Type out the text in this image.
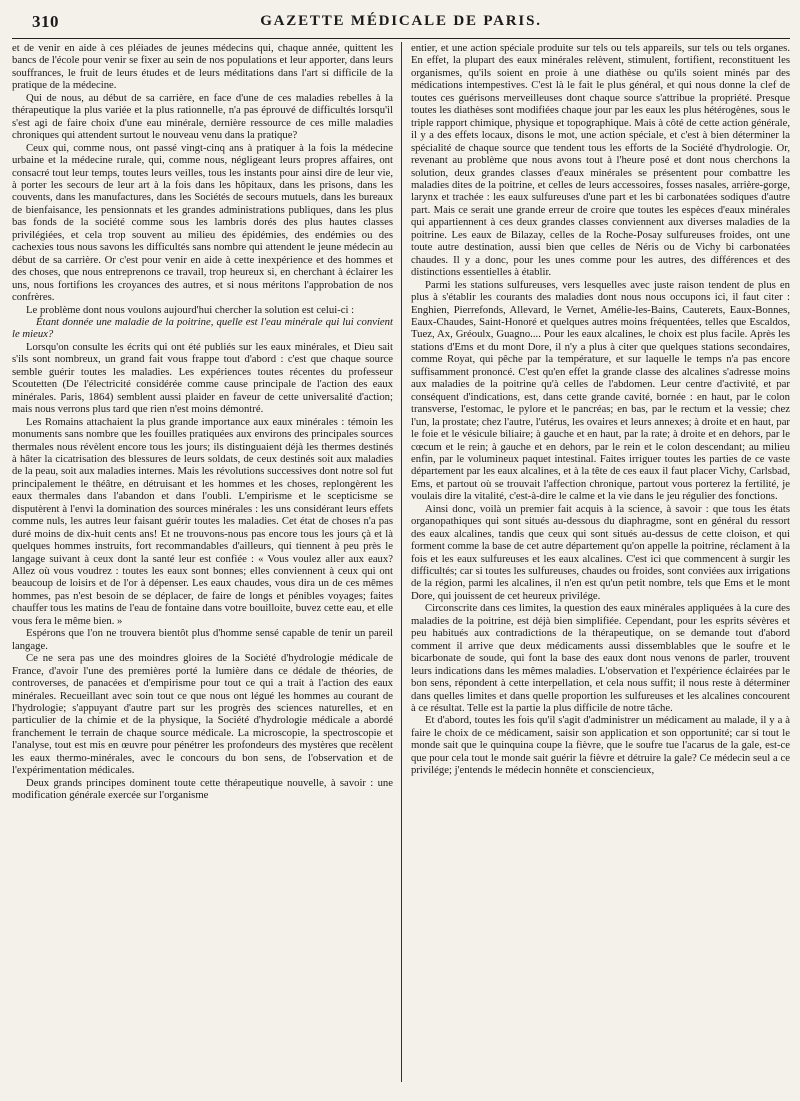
310	GAZETTE MÉDICALE DE PARIS.

et de venir en aide à ces pléiades de jeunes médecins qui, chaque année, quittent les bancs de l'école pour venir se fixer au sein de nos populations et leur apporter, dans leurs souffrances, le fruit de leurs études et de leurs méditations dans l'art si difficile de la pratique de la médecine.

Qui de nous, au début de sa carrière, en face d'une de ces maladies rebelles à la thérapeutique la plus variée et la plus rationnelle, n'a pas éprouvé de difficultés lorsqu'il s'est agi de faire choix d'une eau minérale, dernière ressource de ces mille maladies chroniques qui attendent surtout le nouveau venu dans la pratique?

Ceux qui, comme nous, ont passé vingt-cinq ans à pratiquer à la fois la médecine urbaine et la médecine rurale, qui, comme nous, négligeant leurs propres affaires, ont consacré tout leur temps, toutes leurs veilles, tous les instants pour ainsi dire de leur vie, à porter les secours de leur art à la fois dans les hôpitaux, dans les prisons, dans les couvents, dans les manufactures, dans les Sociétés de secours mutuels, dans les bureaux de bienfaisance, les pensionnats et les grandes administrations publiques, dans les plus bas fonds de la société comme sous les lambris dorés des plus hautes classes privilégiées, et cela trop souvent au milieu des épidémies, des endémies ou des cachexies tous nous savons les difficultés sans nombre qui attendent le jeune médecin au début de sa carrière. Or c'est pour venir en aide à cette inexpérience et des hommes et des choses, que nous entreprenons ce travail, trop heureux si, en cherchant à éclairer les uns, nous fortifions les croyances des autres, et si nous méritons l'approbation de nos confrères.

Le problème dont nous voulons aujourd'hui chercher la solution est celui-ci :

Étant donnée une maladie de la poitrine, quelle est l'eau minérale qui lui convient le mieux?

Lorsqu'on consulte les écrits qui ont été publiés sur les eaux minérales, et Dieu sait s'ils sont nombreux, un grand fait vous frappe tout d'abord : c'est que chaque source semble guérir toutes les maladies. Les expériences toutes récentes du professeur Scoutetten (De l'électricité considérée comme cause principale de l'action des eaux minérales. Paris, 1864) semblent aussi plaider en faveur de cette universalité d'action; mais nous verrons plus tard que rien n'est moins démontré.

Les Romains attachaient la plus grande importance aux eaux minérales : témoin les monuments sans nombre que les fouilles pratiquées aux environs des principales sources thermales nous révèlent encore tous les jours; ils distinguaient déjà les thermes destinés à hâter la cicatrisation des blessures de leurs soldats, de ceux destinés soit aux maladies de la peau, soit aux maladies internes. Mais les révolutions successives dont notre sol fut principalement le théâtre, en détruisant et les hommes et les choses, replongèrent les eaux thermales dans l'abandon et dans l'oubli. L'empirisme et le scepticisme se disputèrent à l'envi la domination des sources minérales : les uns considérant leurs effets comme nuls, les autres leur faisant guérir toutes les maladies. Cet état de choses n'a pas duré moins de dix-huit cents ans! Et ne trouvons-nous pas encore tous les jours çà et là quelques hommes instruits, fort recommandables d'ailleurs, qui tiennent à peu près le langage suivant à ceux dont la santé leur est confiée : « Vous voulez aller aux eaux? Allez où vous voudrez : toutes les eaux sont bonnes; elles conviennent à ceux qui ont beaucoup de loisirs et de l'or à dépenser. Les eaux chaudes, vous dira un de ces mêmes hommes, pas n'est besoin de se déplacer, de faire de longs et pénibles voyages; faites chauffer tous les matins de l'eau de fontaine dans votre bouilloite, buvez cette eau, et elle vous fera le même bien. »

Espérons que l'on ne trouvera bientôt plus d'homme sensé capable de tenir un pareil langage.

Ce ne sera pas une des moindres gloires de la Société d'hydrologie médicale de France, d'avoir l'une des premières porté la lumière dans ce dédale de théories, de controverses, de panacées et d'empirisme pour tout ce qui a trait à l'action des eaux minérales. Recueillant avec soin tout ce que nous ont légué les hommes au courant de l'hydrologie; s'appuyant d'autre part sur les progrès des sciences naturelles, et en particulier de la chimie et de la physique, la Société d'hydrologie médicale a abordé franchement le terrain de chaque source médicale. La microscopie, la spectroscopie et l'analyse, tout est mis en œuvre pour pénétrer les profondeurs des mystères que recèlent les eaux thermo-minérales, avec le concours du bon sens, de l'observation et de l'expérimentation médicales.

Deux grands principes dominent toute cette thérapeutique nouvelle, à savoir : une modification générale exercée sur l'organisme

entier, et une action spéciale produite sur tels ou tels appareils, sur tels ou tels organes. En effet, la plupart des eaux minérales relèvent, stimulent, fortifient, reconstituent les organismes, qu'ils soient en proie à une diathèse ou qu'ils soient minés par des médications intempestives. C'est là le fait le plus général, et qui nous donne la clef de toutes ces guérisons merveilleuses dont chaque source s'attribue la propriété. Presque toutes les diathèses sont modifiées chaque jour par les eaux les plus hétérogènes, sous le triple rapport chimique, physique et topographique. Mais à côté de cette action générale, il y a des effets locaux, disons le mot, une action spéciale, et c'est à bien déterminer la spécialité de chaque source que tendent tous les efforts de la Société d'hydrologie. Or, revenant au problème que nous avons tout à l'heure posé et dont nous cherchons la solution, deux grandes classes d'eaux minérales se présentent pour combattre les maladies dites de la poitrine, et celles de leurs accessoires, fosses nasales, arrière-gorge, larynx et trachée : les eaux sulfureuses d'une part et les bi carbonatées sodiques d'autre part. Mais ce serait une grande erreur de croire que toutes les espèces d'eaux minérales qui appartiennent à ces deux grandes classes conviennent aux diverses maladies de la poitrine. Les eaux de Bilazay, celles de la Roche-Posay sulfureuses froides, ont une toute autre destination, aussi bien que celles de Néris ou de Vichy bi carbonatées chaudes. Il y a donc, pour les unes comme pour les autres, des différences et des distinctions essentielles à établir.

Parmi les stations sulfureuses, vers lesquelles avec juste raison tendent de plus en plus à s'établir les courants des maladies dont nous nous occupons ici, il faut citer : Enghien, Pierrefonds, Allevard, le Vernet, Amélie-les-Bains, Cauterets, Eaux-Bonnes, Eaux-Chaudes, Saint-Honoré et quelques autres moins fréquentées, telles que Escaldos, Tuez, Ax, Gréoulx, Guagno.... Pour les eaux alcalines, le choix est plus facile. Après les stations d'Ems et du mont Dore, il n'y a plus à citer que quelques stations secondaires, comme Royat, qui pêche par la température, et sur laquelle le temps n'a pas encore suffisamment prononcé. C'est qu'en effet la grande classe des alcalines s'adresse moins aux maladies de la poitrine qu'à celles de l'abdomen. Leur centre d'activité, et par conséquent d'indications, est, dans cette grande cavité, bornée : en haut, par le colon transverse, l'estomac, le pylore et le pancréas; en bas, par le rectum et la vessie; chez l'un, la prostate; chez l'autre, l'utérus, les ovaires et leurs annexes; à droite et en haut, par le foie et le vésicule biliaire; à gauche et en haut, par la rate; à droite et en dehors, par le cœcum et le rein; à gauche et en dehors, par le rein et le colon descendant; au milieu enfin, par le volumineux paquet intestinal. Faites irriguer toutes les parties de ce vaste département par les eaux alcalines, et à la tête de ces eaux il faut placer Vichy, Carlsbad, Ems, et partout où se trouvait l'affection chronique, partout vous porterez la fertilité, je voulais dire la vitalité, c'est-à-dire le calme et la vie dans le jeu régulier des fonctions.

Ainsi donc, voilà un premier fait acquis à la science, à savoir : que tous les états organopathiques qui sont situés au-dessous du diaphragme, sont en général du ressort des eaux alcalines, tandis que ceux qui sont situés au-dessus de cette cloison, et qui forment comme la base de cet autre département qu'on appelle la poitrine, réclament à la fois et les eaux sulfureuses et les eaux alcalines. C'est ici que commencent à surgir les difficultés; car si toutes les sulfureuses, chaudes ou froides, sont conviées aux irrigations de la région, parmi les alcalines, il n'en est qu'un petit nombre, tels que Ems et le mont Dore, qui jouissent de cet heureux privilége.

Circonscrite dans ces limites, la question des eaux minérales appliquées à la cure des maladies de la poitrine, est déjà bien simplifiée. Cependant, pour les esprits sévères et peu habitués aux contradictions de la thérapeutique, on se demande tout d'abord comment il arrive que deux médicaments aussi dissemblables que le soufre et le bicarbonate de soude, qui font la base des eaux dont nous venons de parler, trouvent leurs indications dans les mêmes maladies. L'observation et l'expérience éclairées par le bon sens, répondent à cette interpellation, et cela nous suffit; il nous reste à déterminer dans quelles limites et dans quelle proportion les sulfureuses et les alcalines concourent à ce résultat. Telle est la partie la plus difficile de notre tâche.

Et d'abord, toutes les fois qu'il s'agit d'administrer un médicament au malade, il y a à faire le choix de ce médicament, saisir son application et son opportunité; car si tout le monde sait que le quinquina coupe la fièvre, que le soufre tue l'acarus de la gale, est-ce que pour cela tout le monde sait guérir la fièvre et détruire la gale? Ce médecin seul a ce privilége; j'entends le médecin honnête et consciencieux,
